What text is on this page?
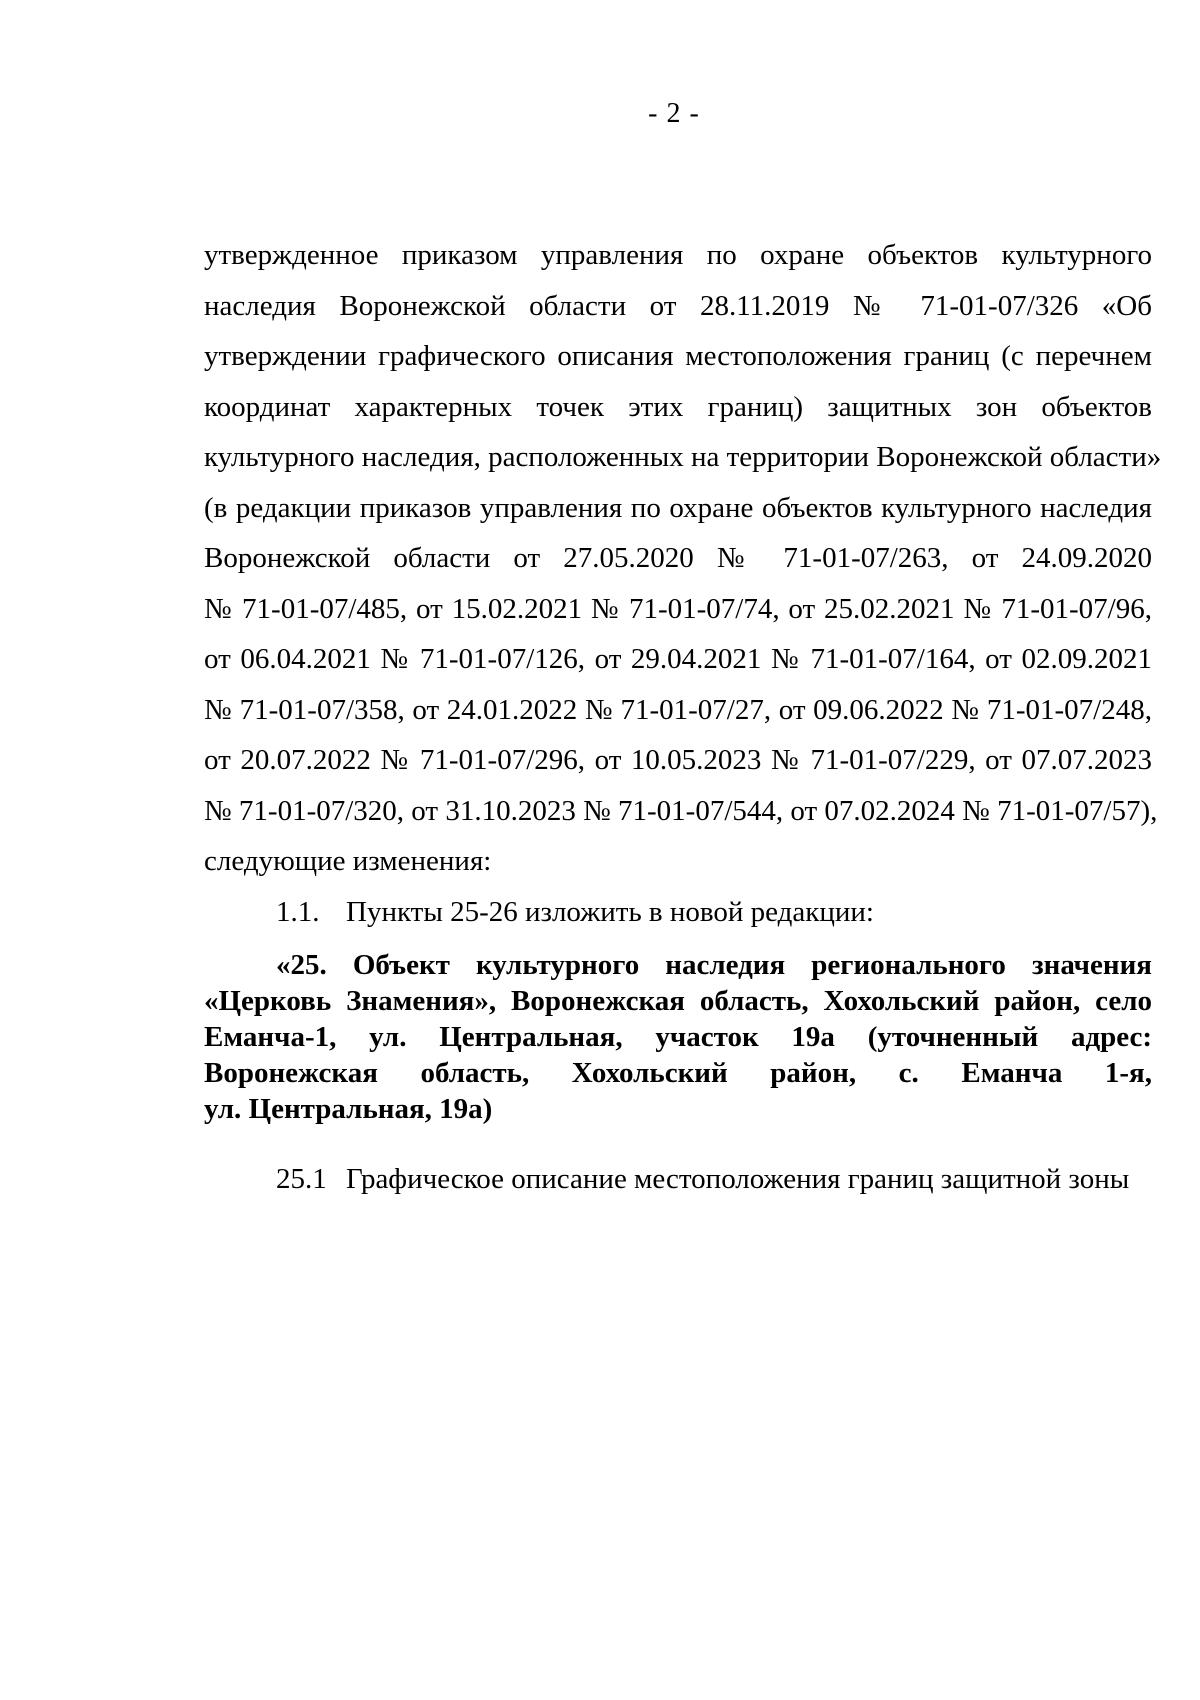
- 2 -
утвержденное приказом управления по охране объектов культурного
наследия Воронежской области от 28.11.2019 № 71-01-07/326 «Об
утверждении графического описания местоположения границ (с перечнем
координат характерных точек этих границ) защитных зон объектов
культурного наследия, расположенных на территории Воронежской области»
(в редакции приказов управления по охране объектов культурного наследия
Воронежской области от 27.05.2020 № 71-01-07/263, от 24.09.2020
№ 71-01-07/485, от 15.02.2021 № 71-01-07/74, от 25.02.2021 № 71-01-07/96,
от 06.04.2021 № 71-01-07/126, от 29.04.2021 № 71-01-07/164, от 02.09.2021
№ 71-01-07/358, от 24.01.2022 № 71-01-07/27, от 09.06.2022 № 71-01-07/248,
от 20.07.2022 № 71-01-07/296, от 10.05.2023 № 71-01-07/229, от 07.07.2023
№ 71-01-07/320, от 31.10.2023 № 71-01-07/544, от 07.02.2024 № 71-01-07/57),
следующие изменения:
1.1. Пункты 25-26 изложить в новой редакции:
«25. Объект культурного наследия регионального значения
«Церковь Знамения», Воронежская область, Хохольский район, село
Еманча-1, ул. Центральная, участок 19а (уточненный адрес:
Воронежская область, Хохольский район, с. Еманча 1-я,
ул. Центральная, 19а)
25.1 Графическое описание местоположения границ защитной зоны
